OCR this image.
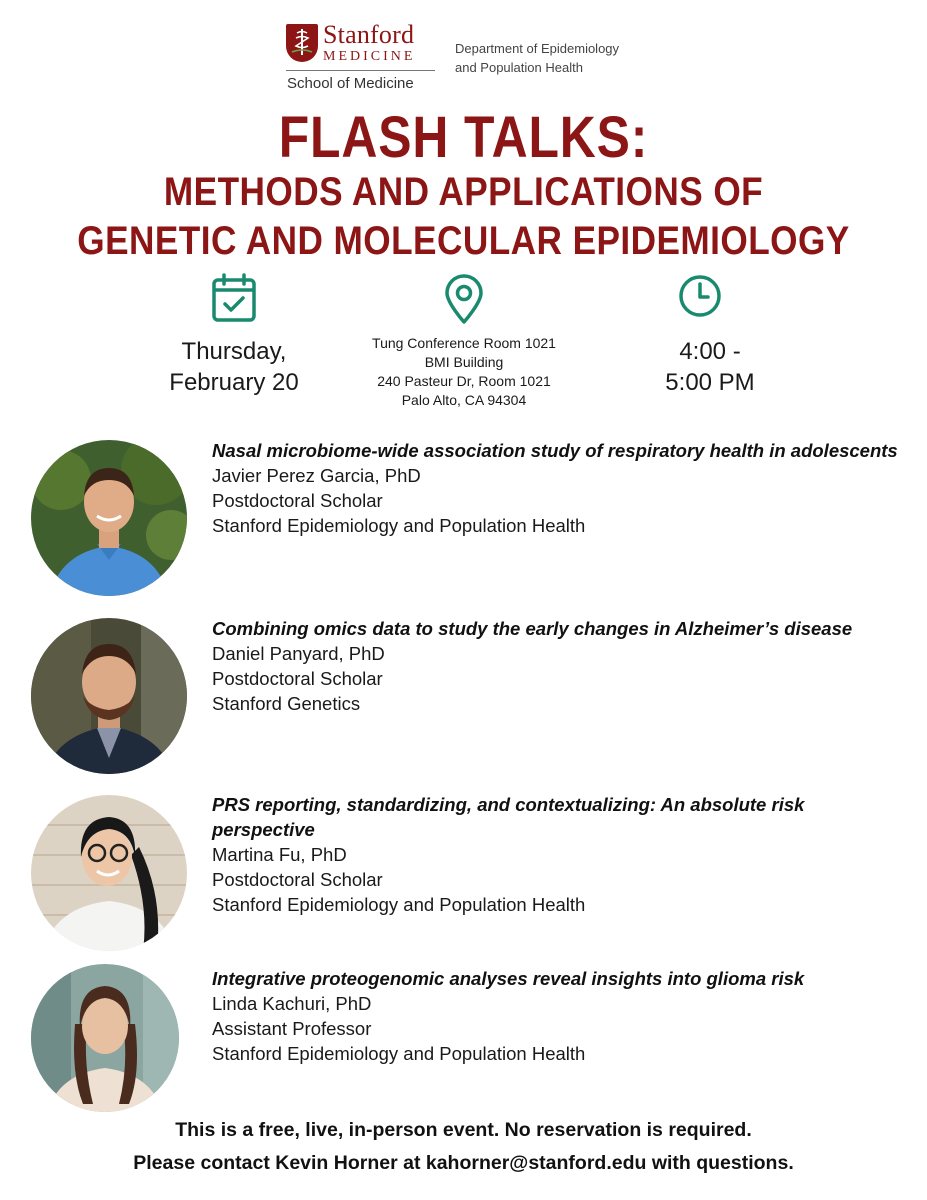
Stanford
MEDICINE
School of Medicine
Department of Epidemiology
and Population Health
FLASH TALKS:
METHODS AND APPLICATIONS OF
GENETIC AND MOLECULAR EPIDEMIOLOGY
Thursday,
February 20
Tung Conference Room 1021
BMI Building
240 Pasteur Dr, Room 1021
Palo Alto, CA 94304
4:00 -
5:00 PM
Nasal microbiome-wide association study of respiratory health in adolescents
Javier Perez Garcia, PhD
Postdoctoral Scholar
Stanford Epidemiology and Population Health
Combining omics data to study the early changes in Alzheimer’s disease
Daniel Panyard, PhD
Postdoctoral Scholar
Stanford Genetics
PRS reporting, standardizing, and contextualizing: An absolute risk perspective
Martina Fu, PhD
Postdoctoral Scholar
Stanford Epidemiology and Population Health
Integrative proteogenomic analyses reveal insights into glioma risk
Linda Kachuri, PhD
Assistant Professor
Stanford Epidemiology and Population Health
This is a free, live, in-person event. No reservation is required.
Please contact Kevin Horner at kahorner@stanford.edu with questions.
